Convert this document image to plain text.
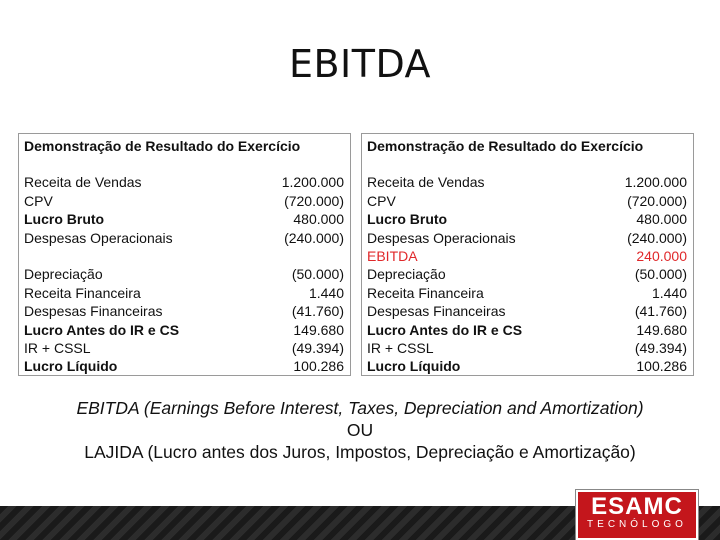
EBITDA
Demonstração de Resultado do Exercício
Receita de Vendas	1.200.000
CPV	(720.000)
Lucro Bruto	480.000
Despesas Operacionais	(240.000)
Depreciação	(50.000)
Receita Financeira	1.440
Despesas Financeiras	(41.760)
Lucro Antes do IR e CS	149.680
IR + CSSL	(49.394)
Lucro Líquido	100.286
Demonstração de Resultado do Exercício
Receita de Vendas	1.200.000
CPV	(720.000)
Lucro Bruto	480.000
Despesas Operacionais	(240.000)
EBITDA	240.000
Depreciação	(50.000)
Receita Financeira	1.440
Despesas Financeiras	(41.760)
Lucro Antes do IR e CS	149.680
IR + CSSL	(49.394)
Lucro Líquido	100.286
EBITDA (Earnings Before Interest, Taxes, Depreciation and Amortization)
OU
LAJIDA (Lucro antes dos Juros, Impostos, Depreciação e Amortização)
ESAMC
TECNÓLOGO
